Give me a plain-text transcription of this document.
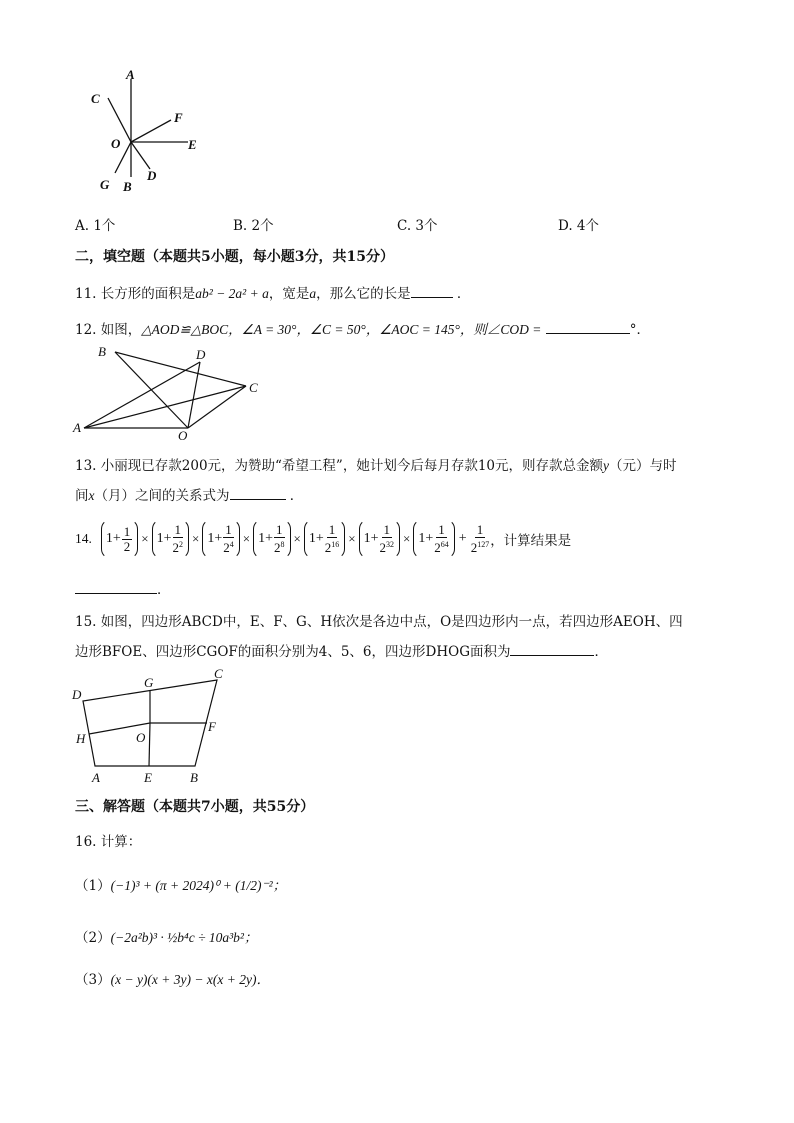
A
C
F
O	E
D
G B
A. 1个	B. 2个	C. 3个	D. 4个
二，填空题（本题共5小题，每小题3分，共15分）
11. 长方形的面积是ab² − 2a² + a，宽是a，那么它的长是	．
12. 如图，△AOD≌△BOC，∠A = 30°，∠C = 50°，∠AOC = 145°，则∠COD =	°．
B	D
C
A
O
13. 小丽现已存款200元，为赞助“希望工程”，她计划今后每月存款10元，则存款总金额y（元）与时
间x（月）之间的关系式为	．
14. $1+ \frac{1}{2} \times 1+ \frac{1}{2^2} \times 1+ \frac{1}{2^4} \times 1+ \frac{1}{2^8} \times 1+ \frac{1}{2^{16}} \times 1+ \frac{1}{2^{32}} \times 1+ \frac{1}{2^{64}} + \frac{1}{2^{127}}$ ，计算结果是
．
15. 如图，四边形ABCD中，E、F、G、H依次是各边中点，O是四边形内一点，若四边形AEOH、四
边形BFOE、四边形CGOF的面积分别为4、5、6，四边形DHOG面积为	．
D
G
C
H	O
F
A	E	B
三、解答题（本题共7小题，共55分）
16. 计算：
（1）(−1)³ + (π + 2024)⁰ + (1/2)⁻²；
（2）(−2a²b)³ · ½b⁴c ÷ 10a³b²；
（3）(x − y)(x + 3y) − x(x + 2y)．
